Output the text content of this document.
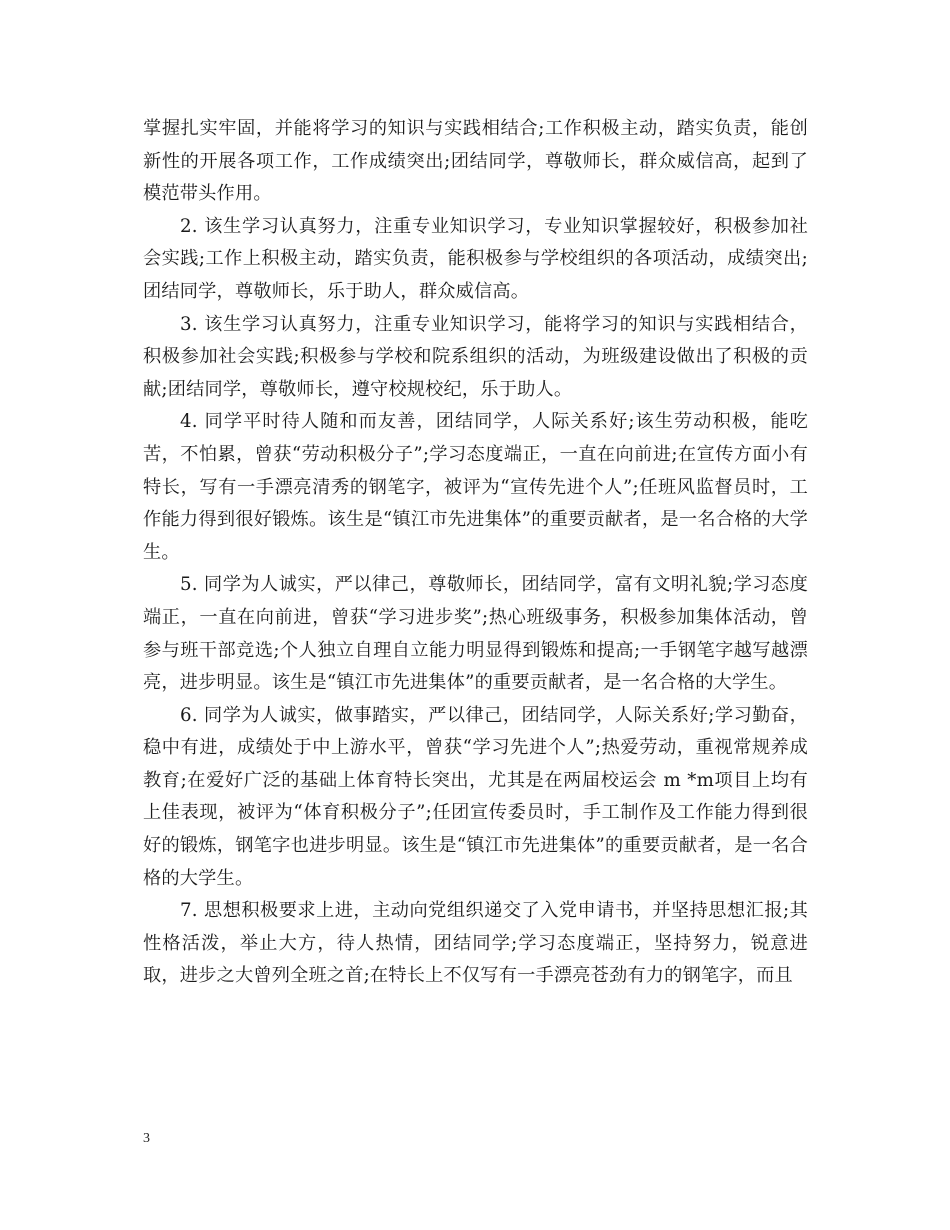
掌握扎实牢固，并能将学习的知识与实践相结合;工作积极主动，踏实负责，能创新性的开展各项工作，工作成绩突出;团结同学，尊敬师长，群众威信高，起到了模范带头作用。

2. 该生学习认真努力，注重专业知识学习，专业知识掌握较好，积极参加社会实践;工作上积极主动，踏实负责，能积极参与学校组织的各项活动，成绩突出;团结同学，尊敬师长，乐于助人，群众威信高。

3. 该生学习认真努力，注重专业知识学习，能将学习的知识与实践相结合，积极参加社会实践;积极参与学校和院系组织的活动，为班级建设做出了积极的贡献;团结同学，尊敬师长，遵守校规校纪，乐于助人。

4. 同学平时待人随和而友善，团结同学，人际关系好;该生劳动积极，能吃苦，不怕累，曾获“劳动积极分子”;学习态度端正，一直在向前进;在宣传方面小有特长，写有一手漂亮清秀的钢笔字，被评为“宣传先进个人”;任班风监督员时，工作能力得到很好锻炼。该生是“镇江市先进集体”的重要贡献者，是一名合格的大学生。

5. 同学为人诚实，严以律己，尊敬师长，团结同学，富有文明礼貌;学习态度端正，一直在向前进，曾获“学习进步奖”;热心班级事务，积极参加集体活动，曾参与班干部竞选;个人独立自理自立能力明显得到锻炼和提高;一手钢笔字越写越漂亮，进步明显。该生是“镇江市先进集体”的重要贡献者，是一名合格的大学生。

6. 同学为人诚实，做事踏实，严以律己，团结同学，人际关系好;学习勤奋，稳中有进，成绩处于中上游水平，曾获“学习先进个人”;热爱劳动，重视常规养成教育;在爱好广泛的基础上体育特长突出，尤其是在两届校运会 m *m项目上均有上佳表现，被评为“体育积极分子”;任团宣传委员时，手工制作及工作能力得到很好的锻炼，钢笔字也进步明显。该生是“镇江市先进集体”的重要贡献者，是一名合格的大学生。

7. 思想积极要求上进，主动向党组织递交了入党申请书，并坚持思想汇报;其性格活泼，举止大方，待人热情，团结同学;学习态度端正，坚持努力，锐意进取，进步之大曾列全班之首;在特长上不仅写有一手漂亮苍劲有力的钢笔字，而且

3
